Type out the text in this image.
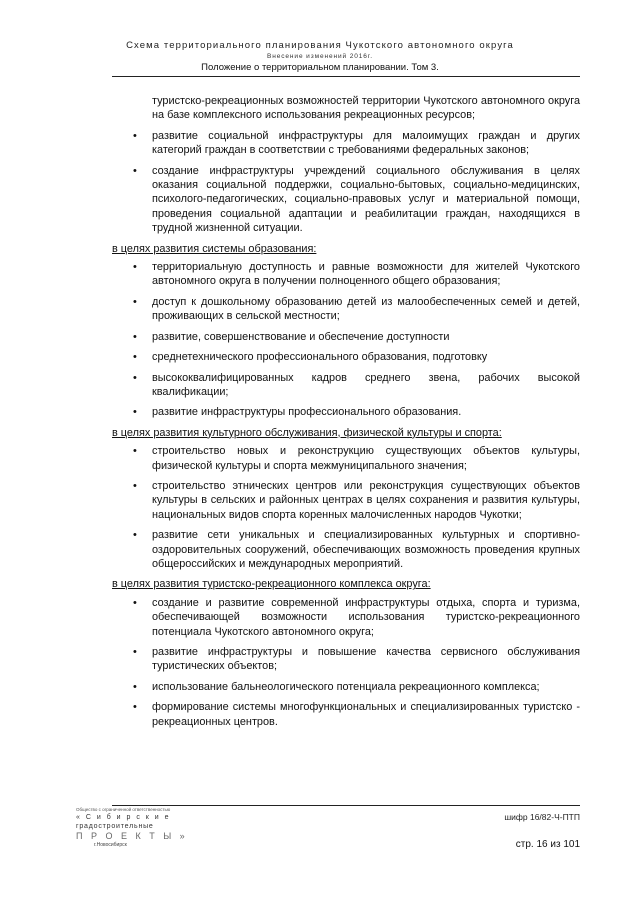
Схема территориального планирования Чукотского автономного округа
Внесение изменений 2016г.
Положение о территориальном планировании. Том 3.

туристско-рекреационных возможностей территории Чукотского автономного округа на базе комплексного использования рекреационных ресурсов;

• развитие социальной инфраструктуры для малоимущих граждан и других категорий граждан в соответствии с требованиями федеральных законов;
• создание инфраструктуры учреждений социального обслуживания в целях оказания социальной поддержки, социально-бытовых, социально-медицинских, психолого-педагогических, социально-правовых услуг и материальной помощи, проведения социальной адаптации и реабилитации граждан, находящихся в трудной жизненной ситуации.

в целях развития системы образования:

• территориальную доступность и равные возможности для жителей Чукотского автономного округа в получении полноценного общего образования;
• доступ к дошкольному образованию детей из малообеспеченных семей и детей, проживающих в сельской местности;
• развитие, совершенствование и обеспечение доступности
• среднетехнического профессионального образования, подготовку
• высококвалифицированных кадров среднего звена, рабочих высокой квалификации;
• развитие инфраструктуры профессионального образования.

в целях развития культурного обслуживания, физической культуры и спорта:

• строительство новых и реконструкцию существующих объектов культуры, физической культуры и спорта межмуниципального значения;
• строительство этнических центров или реконструкция существующих объектов культуры в сельских и районных центрах в целях сохранения и развития культуры, национальных видов спорта коренных малочисленных народов Чукотки;
• развитие сети уникальных и специализированных культурных и спортивно-оздоровительных сооружений, обеспечивающих возможность проведения крупных общероссийских и международных мероприятий.

в целях развития туристско-рекреационного комплекса округа:

• создание и развитие современной инфраструктуры отдыха, спорта и туризма, обеспечивающей возможности использования туристско-рекреационного потенциала Чукотского автономного округа;
• развитие инфраструктуры и повышение качества сервисного обслуживания туристических объектов;
• использование бальнеологического потенциала рекреационного комплекса;
• формирование системы многофункциональных и специализированных туристско - рекреационных центров.
Общество с ограниченной ответственностью
« С и б и р с к и е
градостроительные
П Р О Е К Т Ы »
г.Новосибирск
шифр 16/82-Ч-ПТП
стр. 16 из 101
